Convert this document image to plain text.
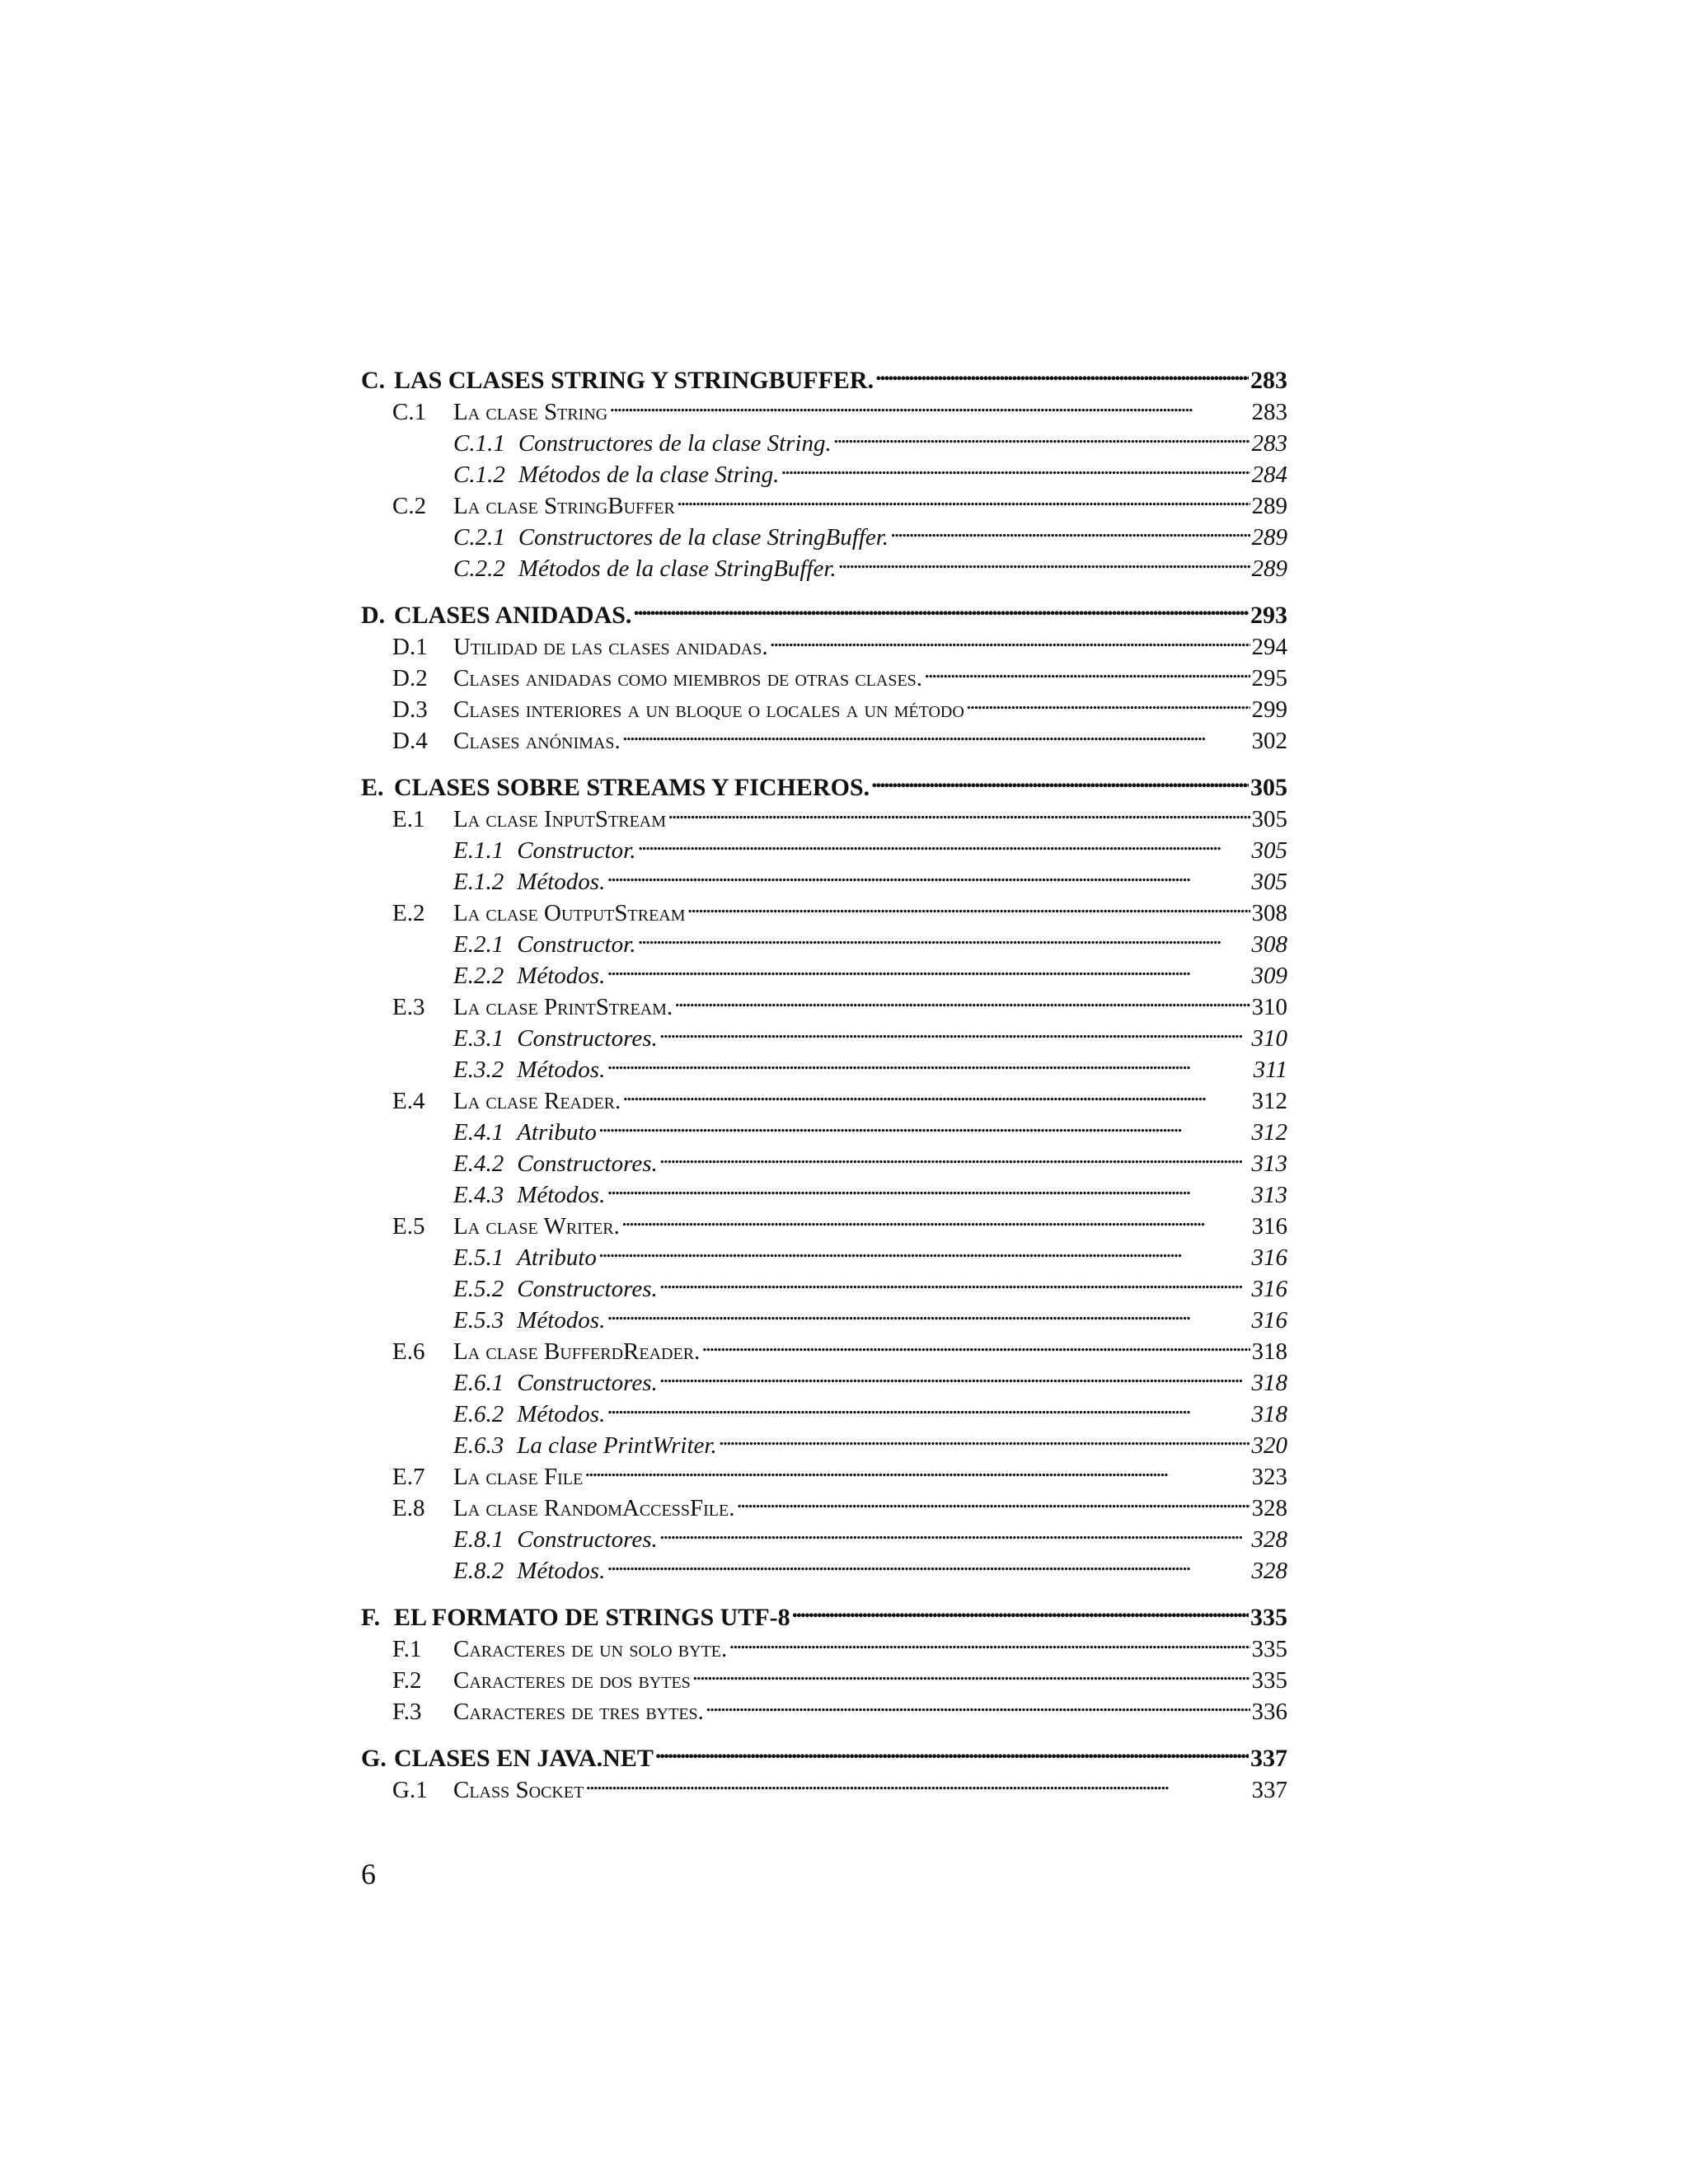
C. LAS CLASES STRING Y STRINGBUFFER. . . .	283
C.1	La clase String . . .	283
C.1.1 Constructores de la clase String. . . .	283
C.1.2 Métodos de la clase String. . . .	284
C.2	La clase StringBuffer . . .	289
C.2.1 Constructores de la clase StringBuffer. . . .	289
C.2.2 Métodos de la clase StringBuffer. . . .	289
D. CLASES ANIDADAS. . . .	293
D.1	Utilidad de las clases anidadas. . . .	294
D.2	Clases anidadas como miembros de otras clases. . . .	295
D.3	Clases interiores a un bloque o locales a un método . . .	299
D.4	Clases anónimas. . . .	302
E. CLASES SOBRE STREAMS Y FICHEROS. . . .	305
E.1	La clase InputStream . . .	305
E.1.1 Constructor. . . .	305
E.1.2 Métodos. . . .	305
E.2	La clase OutputStream . . .	308
E.2.1 Constructor. . . .	308
E.2.2 Métodos. . . .	309
E.3	La clase PrintStream. . . .	310
E.3.1 Constructores. . . .	310
E.3.2 Métodos. . . .	311
E.4	La clase Reader. . . .	312
E.4.1 Atributo . . .	312
E.4.2 Constructores. . . .	313
E.4.3 Métodos. . . .	313
E.5	La clase Writer. . . .	316
E.5.1 Atributo . . .	316
E.5.2 Constructores. . . .	316
E.5.3 Métodos. . . .	316
E.6	La clase BufferdReader. . . .	318
E.6.1 Constructores. . . .	318
E.6.2 Métodos. . . .	318
E.6.3 La clase PrintWriter. . . .	320
E.7	La clase File . . .	323
E.8	La clase RandomAccessFile. . . .	328
E.8.1 Constructores. . . .	328
E.8.2 Métodos. . . .	328
F. EL FORMATO DE STRINGS UTF-8 . . .	335
F.1	Caracteres de un solo byte. . . .	335
F.2	Caracteres de dos bytes . . .	335
F.3	Caracteres de tres bytes. . . .	336
G. CLASES EN JAVA.NET . . .	337
G.1	Class Socket . . .	337
6
